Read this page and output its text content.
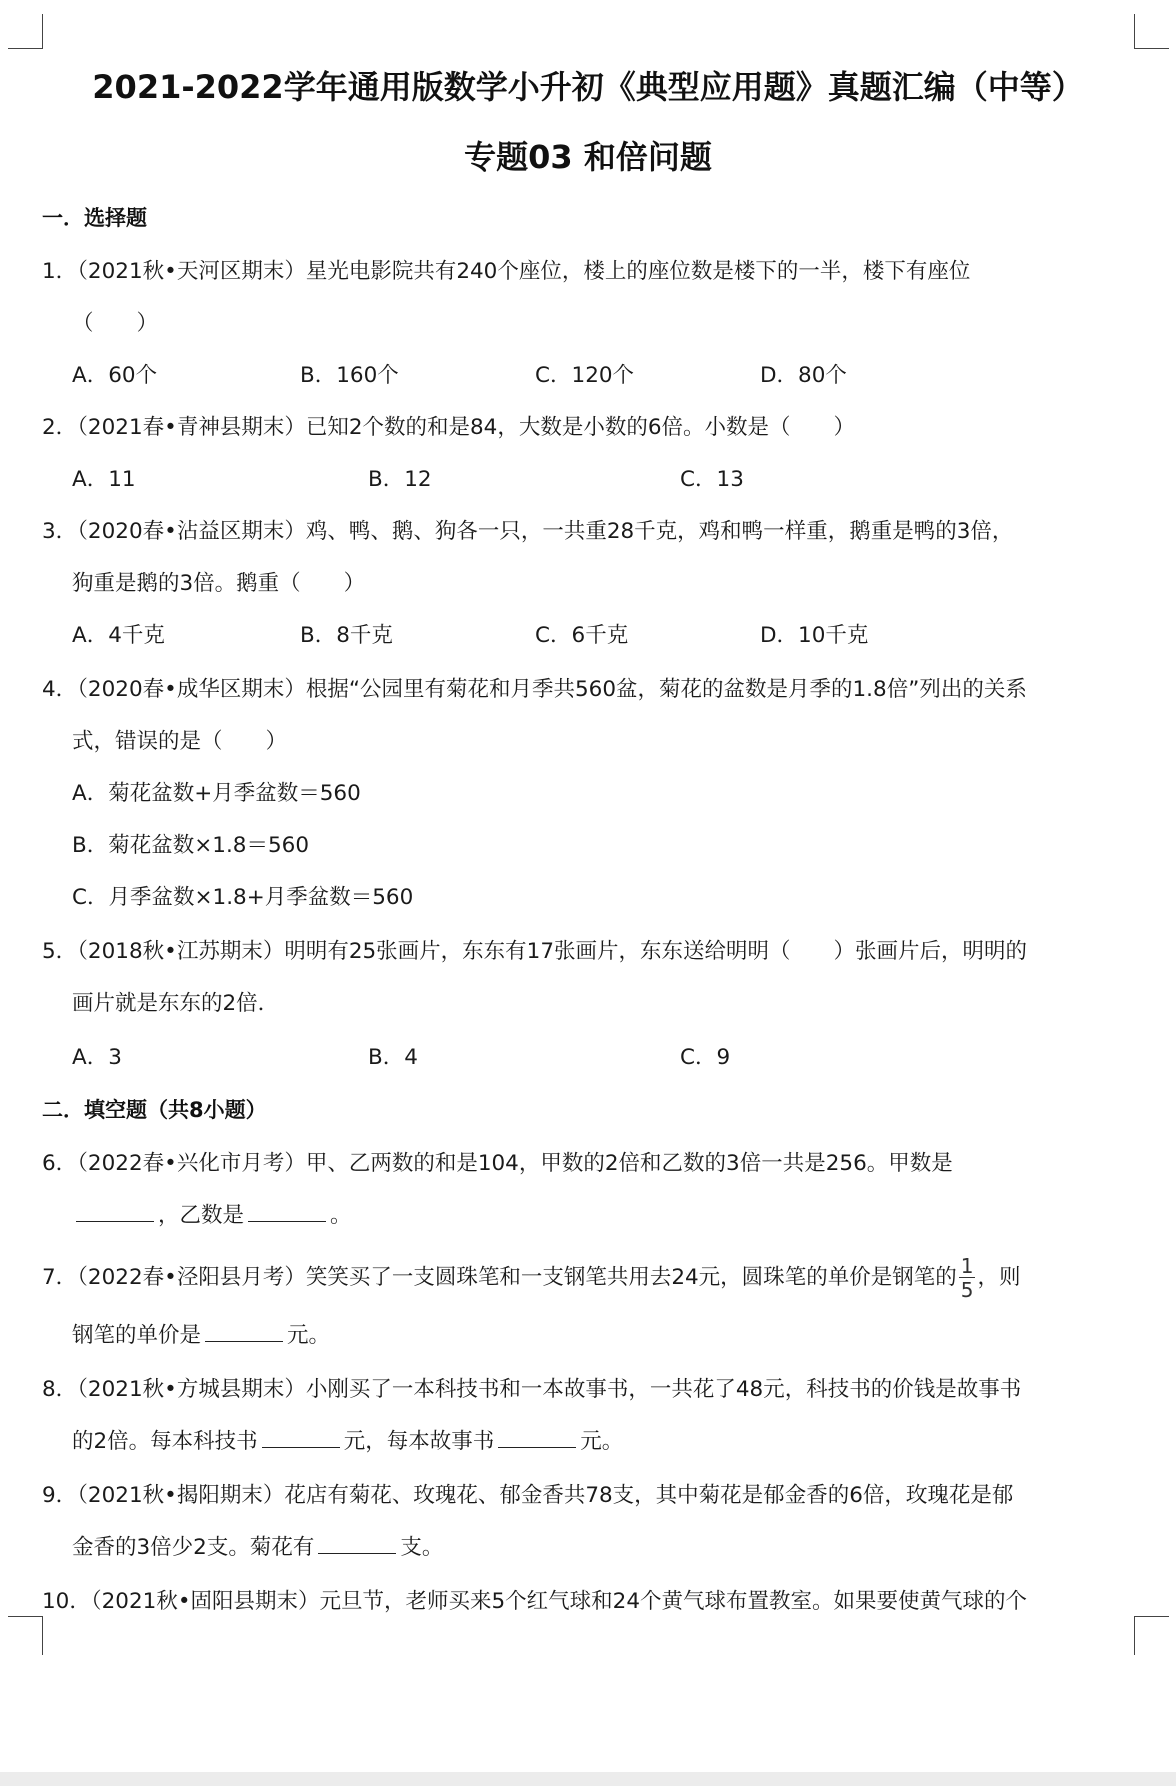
2021-2022学年通用版数学小升初《典型应用题》真题汇编（中等）
专题03 和倍问题
一．选择题
1．（2021秋•天河区期末）星光电影院共有240个座位，楼上的座位数是楼下的一半，楼下有座位
（　　）
A．60个	B．160个	C．120个	D．80个
2．（2021春•青神县期末）已知2个数的和是84，大数是小数的6倍。小数是（　　）
A．11	B．12	C．13
3．（2020春•沾益区期末）鸡、鸭、鹅、狗各一只，一共重28千克，鸡和鸭一样重，鹅重是鸭的3倍，
狗重是鹅的3倍。鹅重（　　）
A．4千克	B．8千克	C．6千克	D．10千克
4．（2020春•成华区期末）根据“公园里有菊花和月季共560盆，菊花的盆数是月季的1.8倍”列出的关系
式，错误的是（　　）
A．菊花盆数+月季盆数＝560
B．菊花盆数×1.8＝560
C．月季盆数×1.8+月季盆数＝560
5．（2018秋•江苏期末）明明有25张画片，东东有17张画片，东东送给明明（　　）张画片后，明明的
画片就是东东的2倍．
A．3	B．4	C．9
二．填空题（共8小题）
6．（2022春•兴化市月考）甲、乙两数的和是104，甲数的2倍和乙数的3倍一共是256。甲数是
，乙数是	。
7．（2022春•泾阳县月考）笑笑买了一支圆珠笔和一支钢笔共用去24元，圆珠笔的单价是钢笔的 $\frac{1}{5}$ ，则
钢笔的单价是	元。
8．（2021秋•方城县期末）小刚买了一本科技书和一本故事书，一共花了48元，科技书的价钱是故事书
的2倍。每本科技书	元，每本故事书	元。
9．（2021秋•揭阳期末）花店有菊花、玫瑰花、郁金香共78支，其中菊花是郁金香的6倍，玫瑰花是郁
金香的3倍少2支。菊花有	支。
10．（2021秋•固阳县期末）元旦节，老师买来5个红气球和24个黄气球布置教室。如果要使黄气球的个
